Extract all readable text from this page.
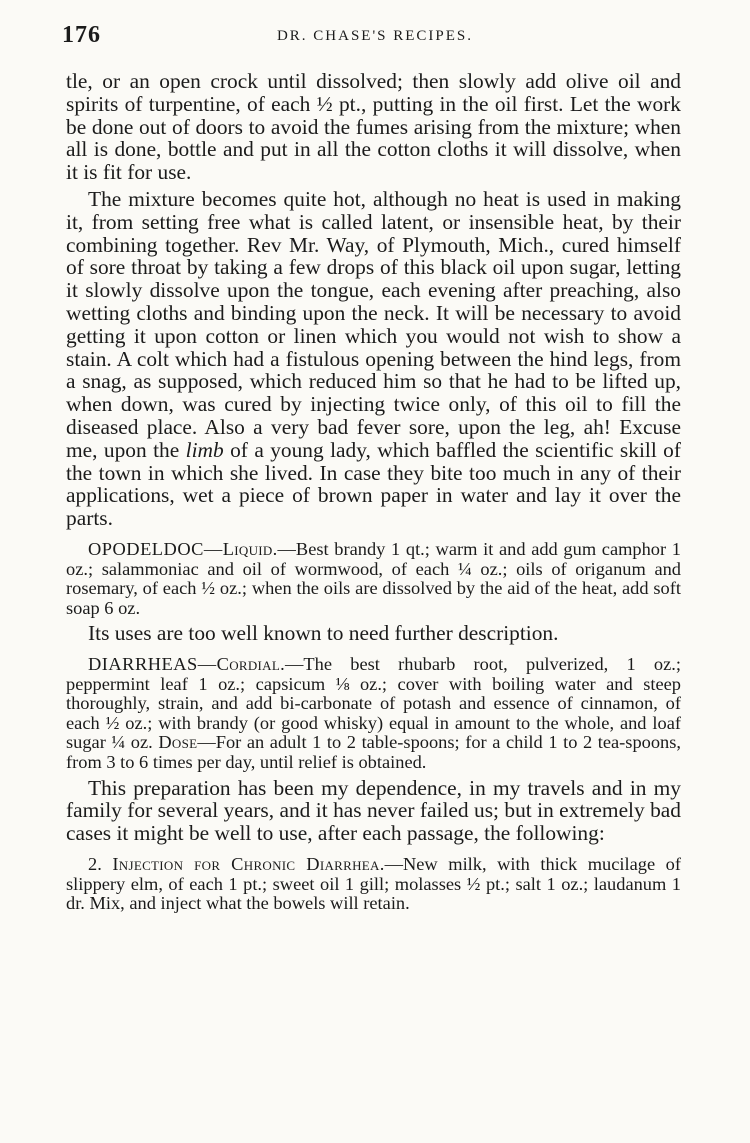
176	DR. CHASE'S RECIPES.

tle, or an open crock until dissolved; then slowly add olive oil and spirits of turpentine, of each ½ pt., putting in the oil first. Let the work be done out of doors to avoid the fumes arising from the mixture; when all is done, bottle and put in all the cotton cloths it will dissolve, when it is fit for use.

The mixture becomes quite hot, although no heat is used in making it, from setting free what is called latent, or insensible heat, by their combining together. Rev Mr. Way, of Plymouth, Mich., cured himself of sore throat by taking a few drops of this black oil upon sugar, letting it slowly dissolve upon the tongue, each evening after preaching, also wetting cloths and binding upon the neck. It will be necessary to avoid getting it upon cotton or linen which you would not wish to show a stain. A colt which had a fistulous opening between the hind legs, from a snag, as supposed, which reduced him so that he had to be lifted up, when down, was cured by injecting twice only, of this oil to fill the diseased place. Also a very bad fever sore, upon the leg, ah! Excuse me, upon the limb of a young lady, which baffled the scientific skill of the town in which she lived. In case they bite too much in any of their applications, wet a piece of brown paper in water and lay it over the parts.

OPODELDOC—Liquid.—Best brandy 1 qt.; warm it and add gum camphor 1 oz.; salammoniac and oil of wormwood, of each ¼ oz.; oils of origanum and rosemary, of each ½ oz.; when the oils are dissolved by the aid of the heat, add soft soap 6 oz.

Its uses are too well known to need further description.

DIARRHEAS—Cordial.—The best rhubarb root, pulverized, 1 oz.; peppermint leaf 1 oz.; capsicum ⅛ oz.; cover with boiling water and steep thoroughly, strain, and add bi-carbonate of potash and essence of cinnamon, of each ½ oz.; with brandy (or good whisky) equal in amount to the whole, and loaf sugar ¼ oz. Dose—For an adult 1 to 2 table-spoons; for a child 1 to 2 tea-spoons, from 3 to 6 times per day, until relief is obtained.

This preparation has been my dependence, in my travels and in my family for several years, and it has never failed us; but in extremely bad cases it might be well to use, after each passage, the following:

2. Injection for Chronic Diarrhea.—New milk, with thick mucilage of slippery elm, of each 1 pt.; sweet oil 1 gill; molasses ½ pt.; salt 1 oz.; laudanum 1 dr. Mix, and inject what the bowels will retain.
